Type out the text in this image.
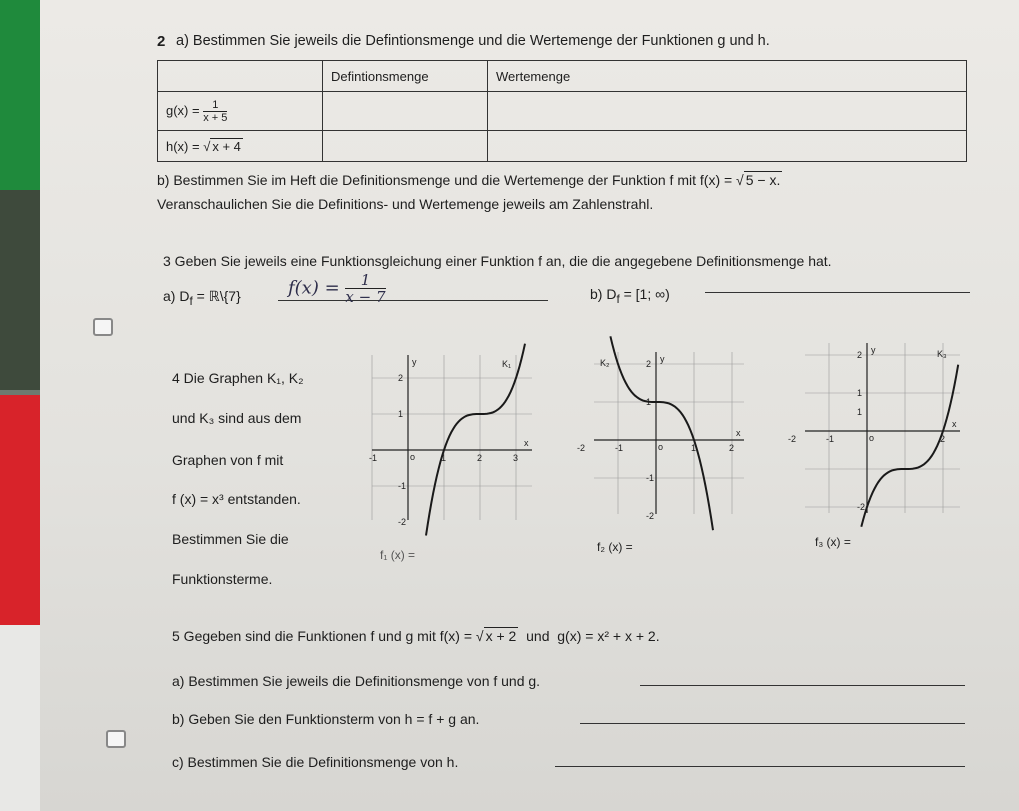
2 a) Bestimmen Sie jeweils die Defintionsmenge und die Wertemenge der Funktionen g und h.
	Defintionsmenge	Wertemenge
$g(x) = \frac{1}{x + 5}$

h(x) = √ x + 4		
b) Bestimmen Sie im Heft die Definitionsmenge und die Wertemenge der Funktion f mit f(x) = √ 5 − x.
Veranschaulichen Sie die Definitions- und Wertemenge jeweils am Zahlenstrahl.
3 Geben Sie jeweils eine Funktionsgleichung einer Funktion f an, die die angegebene Definitionsmenge hat.
a) $D_f$ = ℝ\{7}	$f(x) = \frac{1}{x - 7}$	b) $D_f = [1$; ∞)
4 Die Graphen K₁, K₂
und K₃ sind aus dem
Graphen von f mit
f (x) = x³ entstanden.
Bestimmen Sie die
Funktionsterme.
y
x
o
-1	1	2	3
2
1
-1
-2
K₁	y
x
o
-2	-1	1	2
2
1
-1
-2
K₂
y
x
o
-2	-1	2
2
1
1
-2
K₃
f₁ (x) =
f₂ (x) =	f₃ (x) =
5 Gegeben sind die Funktionen f und g mit f(x) = √ x + 2 und g(x) = x² + x + 2.
a) Bestimmen Sie jeweils die Definitionsmenge von f und g.
b) Geben Sie den Funktionsterm von h = f + g an.
c) Bestimmen Sie die Definitionsmenge von h.
